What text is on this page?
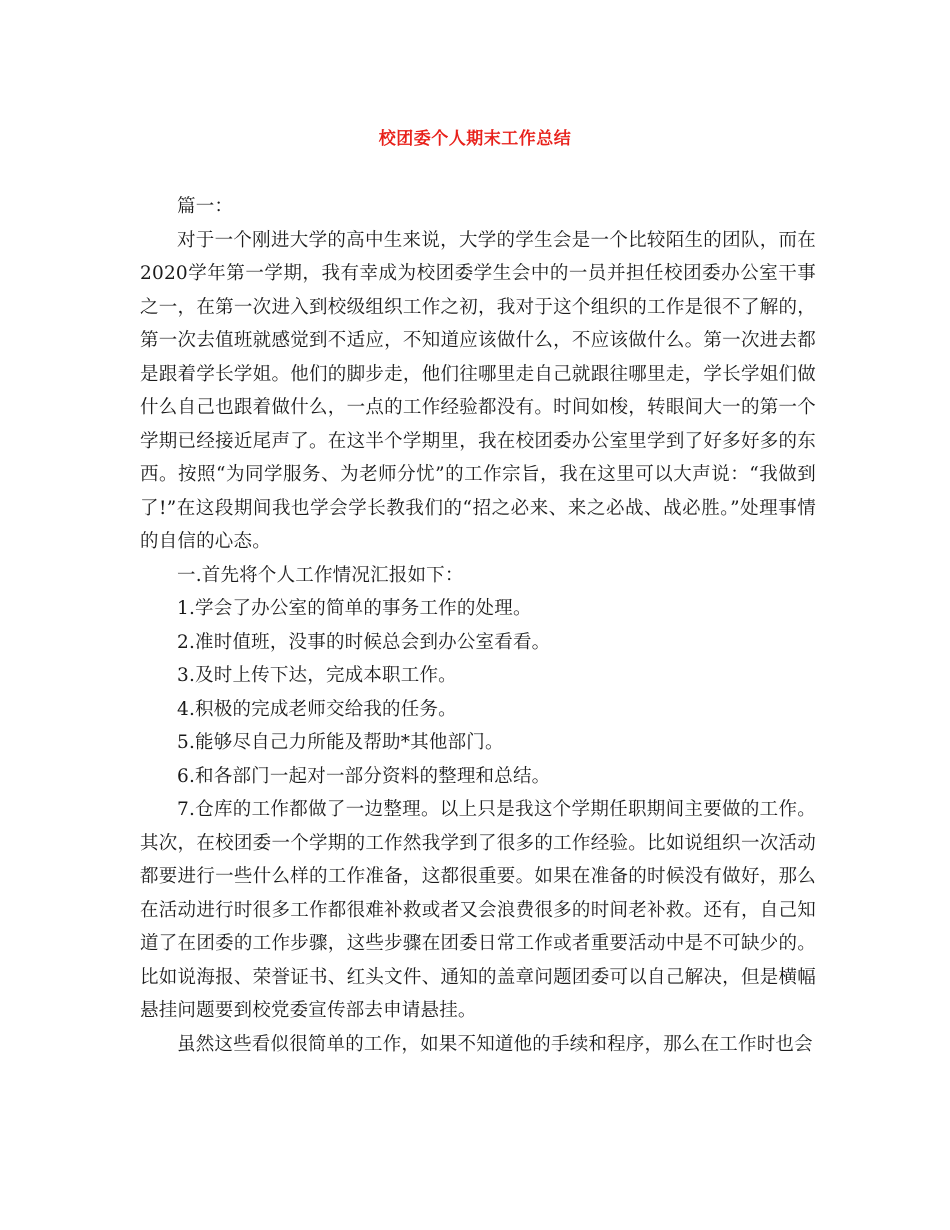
校团委个人期末工作总结

篇一：

对于一个刚进大学的高中生来说，大学的学生会是一个比较陌生的团队，而在2020学年第一学期，我有幸成为校团委学生会中的一员并担任校团委办公室干事之一，在第一次进入到校级组织工作之初，我对于这个组织的工作是很不了解的，第一次去值班就感觉到不适应，不知道应该做什么，不应该做什么。第一次进去都是跟着学长学姐。他们的脚步走，他们往哪里走自己就跟往哪里走，学长学姐们做什么自己也跟着做什么，一点的工作经验都没有。时间如梭，转眼间大一的第一个学期已经接近尾声了。在这半个学期里，我在校团委办公室里学到了好多好多的东西。按照“为同学服务、为老师分忧”的工作宗旨，我在这里可以大声说：“我做到了!”在这段期间我也学会学长教我们的“招之必来、来之必战、战必胜。”处理事情的自信的心态。

一.首先将个人工作情况汇报如下：

1.学会了办公室的简单的事务工作的处理。

2.准时值班，没事的时候总会到办公室看看。

3.及时上传下达，完成本职工作。

4.积极的完成老师交给我的任务。

5.能够尽自己力所能及帮助*其他部门。

6.和各部门一起对一部分资料的整理和总结。

7.仓库的工作都做了一边整理。以上只是我这个学期任职期间主要做的工作。其次，在校团委一个学期的工作然我学到了很多的工作经验。比如说组织一次活动都要进行一些什么样的工作准备，这都很重要。如果在准备的时候没有做好，那么在活动进行时很多工作都很难补救或者又会浪费很多的时间老补救。还有，自己知道了在团委的工作步骤，这些步骤在团委日常工作或者重要活动中是不可缺少的。比如说海报、荣誉证书、红头文件、通知的盖章问题团委可以自己解决，但是横幅悬挂问题要到校党委宣传部去申请悬挂。

虽然这些看似很简单的工作，如果不知道他的手续和程序，那么在工作时也会
